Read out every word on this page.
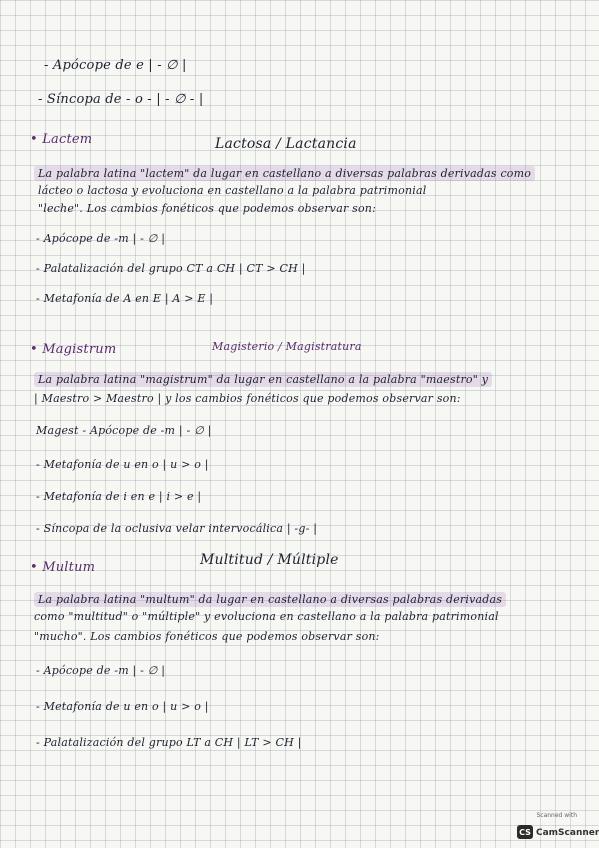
- Apócope de e | - ∅ |
- Síncopa de - o - | - ∅ - |
• Lactem	Lactosa / Lactancia
La palabra latina "lactem" da lugar en castellano a diversas palabras derivadas como
lácteo o lactosa y evoluciona en castellano a la palabra patrimonial
"leche". Los cambios fonéticos que podemos observar son:
- Apócope de -m | - ∅ |
- Palatalización del grupo CT a CH | CT > CH |
- Metafonía de A en E | A > E |
• Magistrum	Magisterio / Magistratura
La palabra latina "magistrum" da lugar en castellano a la palabra "maestro" y
| Maestro > Maestro | y los cambios fonéticos que podemos observar son:
Magest - Apócope de -m | - ∅ |
- Metafonía de u en o | u > o |
- Metafonía de i en e | i > e |
- Síncopa de la oclusiva velar intervocálica | -g- |
• Multum	Multitud / Múltiple
La palabra latina "multum" da lugar en castellano a diversas palabras derivadas
como "multitud" o "múltiple" y evoluciona en castellano a la palabra patrimonial
"mucho". Los cambios fonéticos que podemos observar son:
- Apócope de -m | - ∅ |
- Metafonía de u en o | u > o |
- Palatalización del grupo LT a CH | LT > CH |
Scanned with
CS CamScanner
